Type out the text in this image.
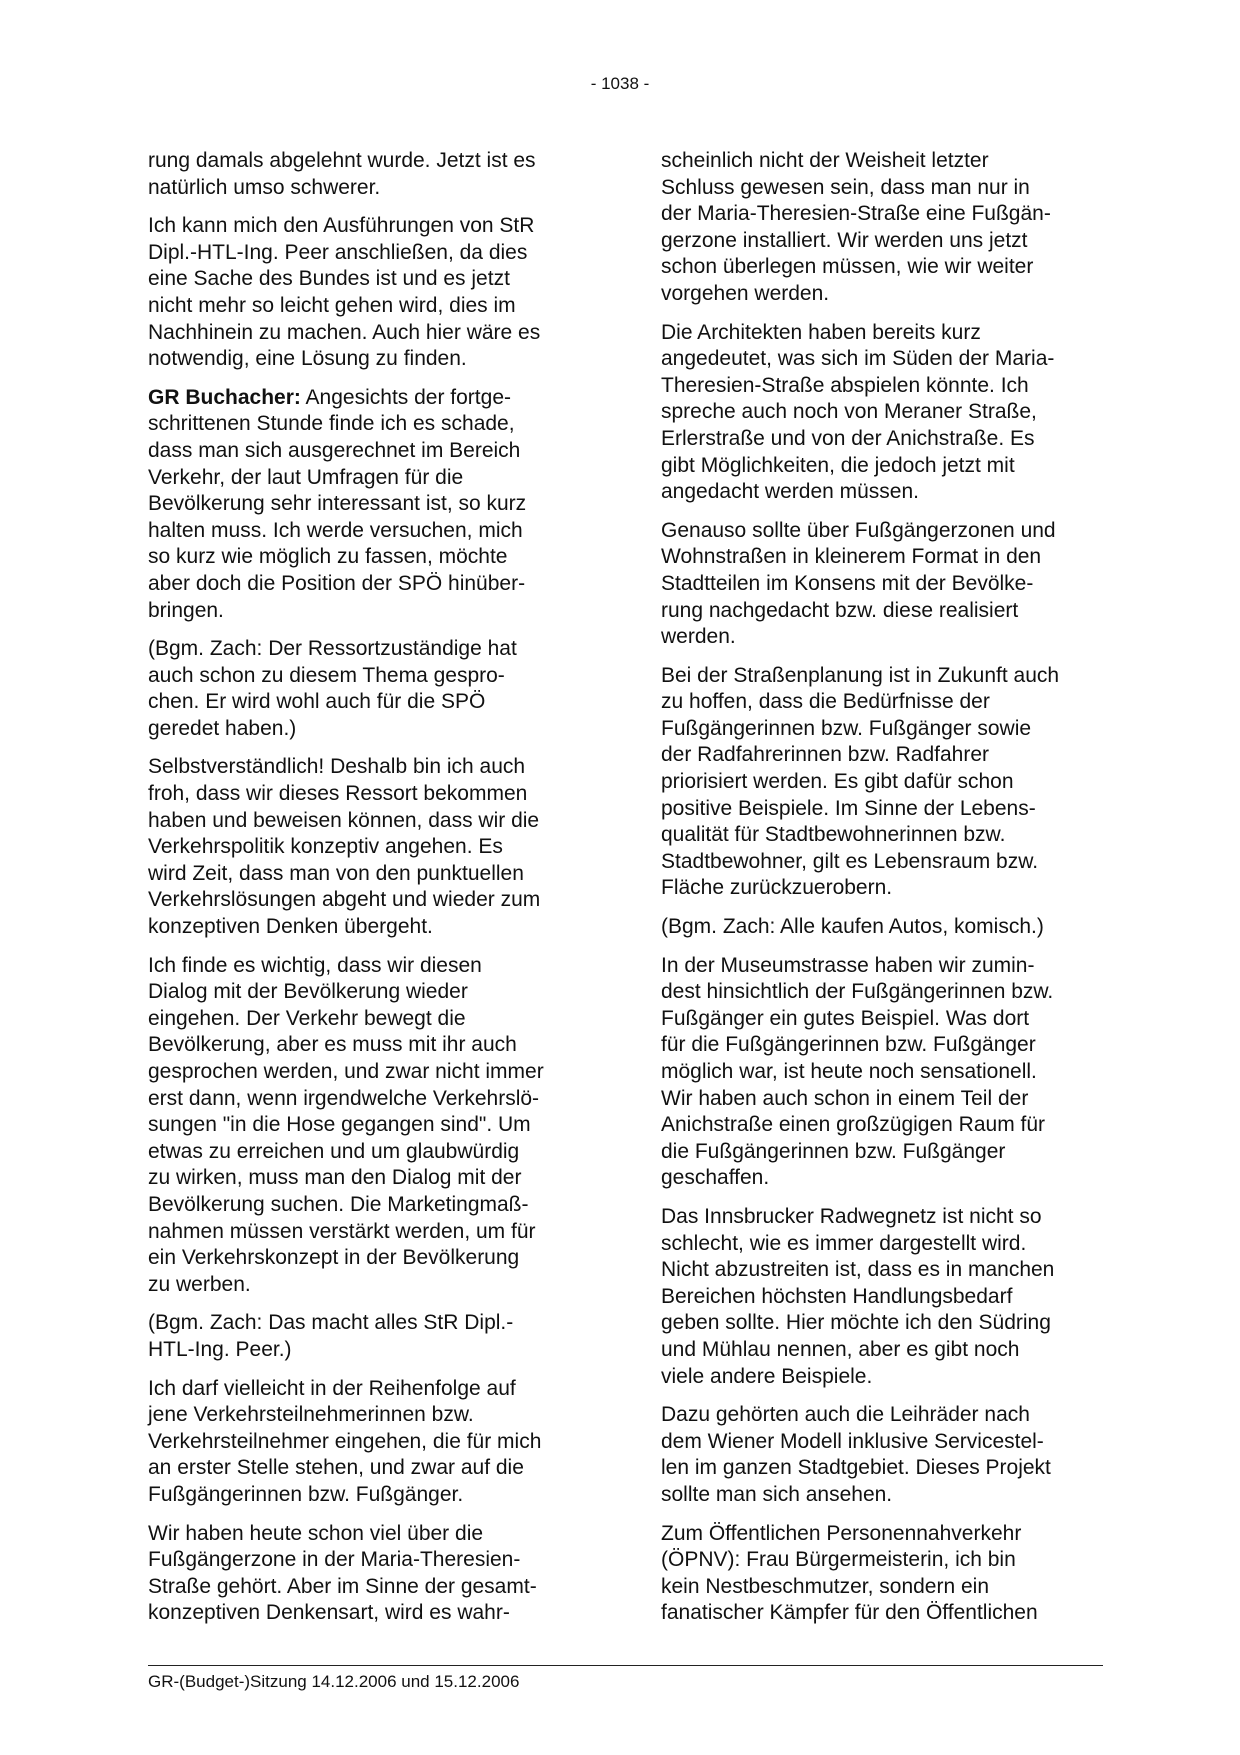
- 1038 -

rung damals abgelehnt wurde. Jetzt ist es
natürlich umso schwerer.

Ich kann mich den Ausführungen von StR
Dipl.-HTL-Ing. Peer anschließen, da dies
eine Sache des Bundes ist und es jetzt
nicht mehr so leicht gehen wird, dies im
Nachhinein zu machen. Auch hier wäre es
notwendig, eine Lösung zu finden.

GR Buchacher: Angesichts der fortge-
schrittenen Stunde finde ich es schade,
dass man sich ausgerechnet im Bereich
Verkehr, der laut Umfragen für die
Bevölkerung sehr interessant ist, so kurz
halten muss. Ich werde versuchen, mich
so kurz wie möglich zu fassen, möchte
aber doch die Position der SPÖ hinüber-
bringen.

(Bgm. Zach: Der Ressortzuständige hat
auch schon zu diesem Thema gespro-
chen. Er wird wohl auch für die SPÖ
geredet haben.)

Selbstverständlich! Deshalb bin ich auch
froh, dass wir dieses Ressort bekommen
haben und beweisen können, dass wir die
Verkehrspolitik konzeptiv angehen. Es
wird Zeit, dass man von den punktuellen
Verkehrslösungen abgeht und wieder zum
konzeptiven Denken übergeht.

Ich finde es wichtig, dass wir diesen
Dialog mit der Bevölkerung wieder
eingehen. Der Verkehr bewegt die
Bevölkerung, aber es muss mit ihr auch
gesprochen werden, und zwar nicht immer
erst dann, wenn irgendwelche Verkehrslö-
sungen "in die Hose gegangen sind". Um
etwas zu erreichen und um glaubwürdig
zu wirken, muss man den Dialog mit der
Bevölkerung suchen. Die Marketingmaß-
nahmen müssen verstärkt werden, um für
ein Verkehrskonzept in der Bevölkerung
zu werben.

(Bgm. Zach: Das macht alles StR Dipl.-
HTL-Ing. Peer.)

Ich darf vielleicht in der Reihenfolge auf
jene Verkehrsteilnehmerinnen bzw.
Verkehrsteilnehmer eingehen, die für mich
an erster Stelle stehen, und zwar auf die
Fußgängerinnen bzw. Fußgänger.

Wir haben heute schon viel über die
Fußgängerzone in der Maria-Theresien-
Straße gehört. Aber im Sinne der gesamt-
konzeptiven Denkensart, wird es wahr-

scheinlich nicht der Weisheit letzter
Schluss gewesen sein, dass man nur in
der Maria-Theresien-Straße eine Fußgän-
gerzone installiert. Wir werden uns jetzt
schon überlegen müssen, wie wir weiter
vorgehen werden.

Die Architekten haben bereits kurz
angedeutet, was sich im Süden der Maria-
Theresien-Straße abspielen könnte. Ich
spreche auch noch von Meraner Straße,
Erlerstraße und von der Anichstraße. Es
gibt Möglichkeiten, die jedoch jetzt mit
angedacht werden müssen.

Genauso sollte über Fußgängerzonen und
Wohnstraßen in kleinerem Format in den
Stadtteilen im Konsens mit der Bevölke-
rung nachgedacht bzw. diese realisiert
werden.

Bei der Straßenplanung ist in Zukunft auch
zu hoffen, dass die Bedürfnisse der
Fußgängerinnen bzw. Fußgänger sowie
der Radfahrerinnen bzw. Radfahrer
priorisiert werden. Es gibt dafür schon
positive Beispiele. Im Sinne der Lebens-
qualität für Stadtbewohnerinnen bzw.
Stadtbewohner, gilt es Lebensraum bzw.
Fläche zurückzuerobern.

(Bgm. Zach: Alle kaufen Autos, komisch.)

In der Museumstrasse haben wir zumin-
dest hinsichtlich der Fußgängerinnen bzw.
Fußgänger ein gutes Beispiel. Was dort
für die Fußgängerinnen bzw. Fußgänger
möglich war, ist heute noch sensationell.
Wir haben auch schon in einem Teil der
Anichstraße einen großzügigen Raum für
die Fußgängerinnen bzw. Fußgänger
geschaffen.

Das Innsbrucker Radwegnetz ist nicht so
schlecht, wie es immer dargestellt wird.
Nicht abzustreiten ist, dass es in manchen
Bereichen höchsten Handlungsbedarf
geben sollte. Hier möchte ich den Südring
und Mühlau nennen, aber es gibt noch
viele andere Beispiele.

Dazu gehörten auch die Leihräder nach
dem Wiener Modell inklusive Servicestel-
len im ganzen Stadtgebiet. Dieses Projekt
sollte man sich ansehen.

Zum Öffentlichen Personennahverkehr
(ÖPNV): Frau Bürgermeisterin, ich bin
kein Nestbeschmutzer, sondern ein
fanatischer Kämpfer für den Öffentlichen

GR-(Budget-)Sitzung 14.12.2006 und 15.12.2006
